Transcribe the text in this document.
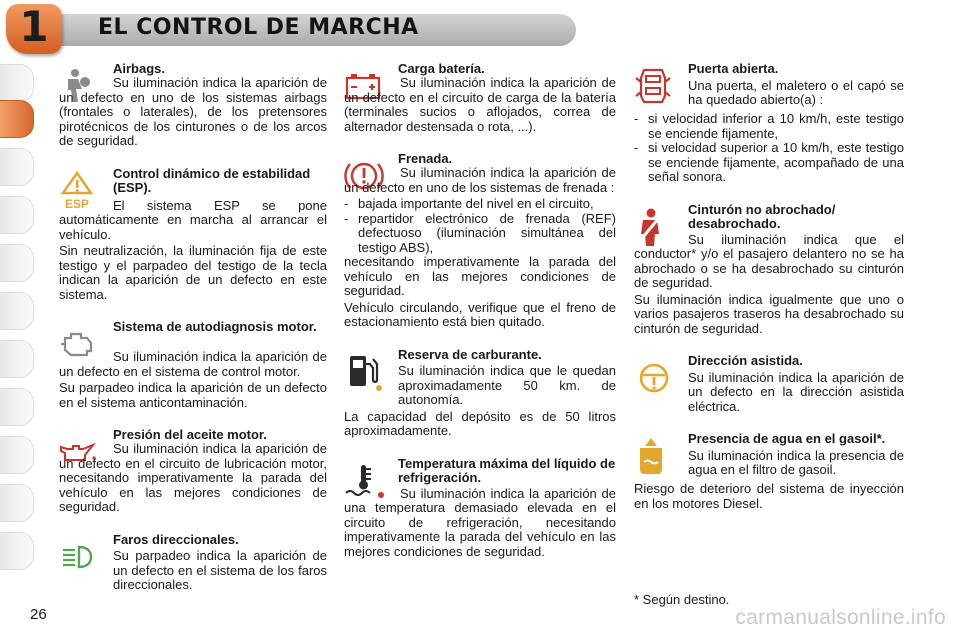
1	EL CONTROL DE MARCHA
Airbags.
Su iluminación indica la aparición de un defecto en uno de los sistemas airbags (frontales o laterales), de los pretensores pirotécnicos de los cinturones o de los arcos de seguridad.
ESP
Control dinámico de estabilidad (ESP).
El sistema ESP se pone automáticamente en marcha al arrancar el vehículo.
Sin neutralización, la iluminación fija de este testigo y el parpadeo del testigo de la tecla indican la aparición de un defecto en este sistema.
Sistema de autodiagnosis motor.
Su iluminación indica la aparición de un defecto en el sistema de control motor.
Su parpadeo indica la aparición de un defecto en el sistema anticontaminación.
Presión del aceite motor.
Su iluminación indica la aparición de un defecto en el circuito de lubricación motor, necesitando imperativamente la parada del vehículo en las mejores condiciones de seguridad.
Faros direccionales.
Su parpadeo indica la aparición de un defecto en el sistema de los faros direccionales.
Carga batería.
Su iluminación indica la aparición de un defecto en el circuito de carga de la batería (terminales sucios o aflojados, correa de alternador destensada o rota, ...).
Frenada.
Su iluminación indica la aparición de un defecto en uno de los sistemas de frenada :
- bajada importante del nivel en el circuito,
- repartidor electrónico de frenada (REF) defectuoso (iluminación simultánea del testigo ABS),
necesitando imperativamente la parada del vehículo en las mejores condiciones de seguridad.
Vehículo circulando, verifique que el freno de estacionamiento está bien quitado.
Reserva de carburante.
Su iluminación indica que le quedan aproximadamente 50 km. de autonomía.
La capacidad del depósito es de 50 litros aproximadamente.
Temperatura máxima del líquido de refrigeración.
Su iluminación indica la aparición de una temperatura demasiado elevada en el circuito de refrigeración, necesitando imperativamente la parada del vehículo en las mejores condiciones de seguridad.
Puerta abierta.
Una puerta, el maletero o el capó se ha quedado abierto(a) :
- si velocidad inferior a 10 km/h, este testigo se enciende fijamente,
- si velocidad superior a 10 km/h, este testigo se enciende fijamente, acompañado de una señal sonora.
Cinturón no abrochado/ desabrochado.
Su iluminación indica que el conductor* y/o el pasajero delantero no se ha abrochado o se ha desabrochado su cinturón de seguridad.
Su iluminación indica igualmente que uno o varios pasajeros traseros ha desabrochado su cinturón de seguridad.
Dirección asistida.
Su iluminación indica la aparición de un defecto en la dirección asistida eléctrica.
Presencia de agua en el gasoil*.
Su iluminación indica la presencia de agua en el filtro de gasoil.
Riesgo de deterioro del sistema de inyección en los motores Diesel.
* Según destino.
26	carmanualsonline.info
